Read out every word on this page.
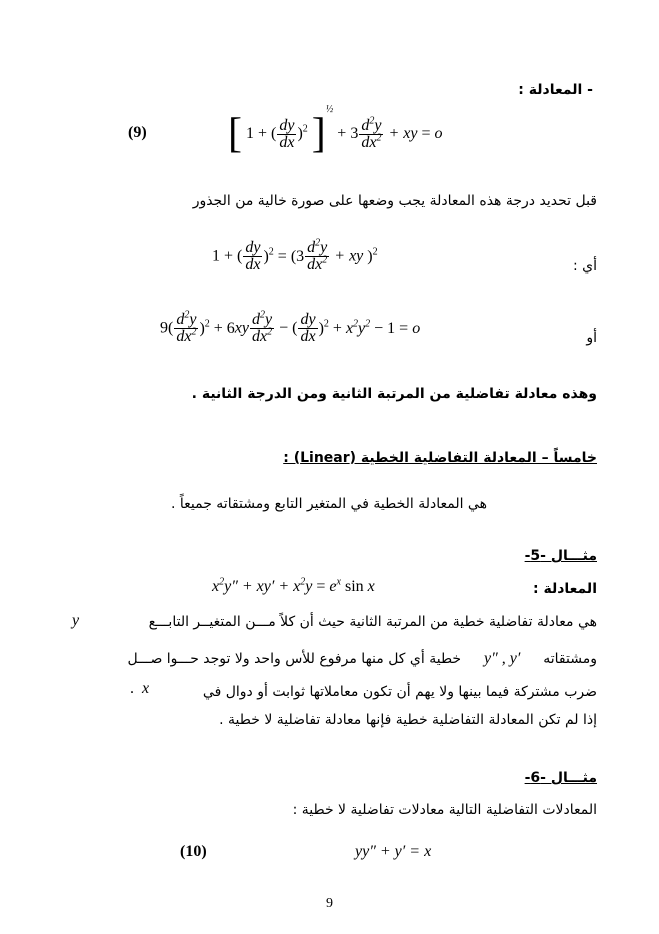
- المعادلة :
(9) [ 1 + ( $\frac{dy}{dx} )^2$ ]$^{\frac{1}{2}} + 3 \frac{d^2y}{dx^2}$ + xy = o
قبل تحديد درجة هذه المعادلة يجب وضعها على صورة خالية من الجذور
أي :
1 + ( $\frac{dy}{dx} )^2 = (3 \frac{d^2y}{dx^2}$ + xy )$^2$
أو
$9( \frac{d^2y}{dx^2} )^2 + 6xy \frac{d^2y}{dx^2}$ − ( $\frac{dy}{dx} )^2 + x^2y^2 - 1 = o$
وهذه معادلة تفاضلية من المرتبة الثانية ومن الدرجة الثانية .
خامساً – المعادلة التفاضلية الخطية (Linear) :
هي المعادلة الخطية في المتغير التابع ومشتقاته جميعاً .
مثـــال -5-
المعادلة :
$x^2y'' + xy' + x^2y = e^x$ sin x
هي معادلة تفاضلية خطية من المرتبة الثانية حيث أن كلاً مـــن المتغيــر التابـــع
y
ومشتقاته  y″ , y′  خطية أي كل منها مرفوع للأس واحد ولا توجد حـــوا صـــل
ضرب مشتركة فيما بينها ولا يهم أن تكون معاملاتها ثوابت أو دوال في
.  x
إذا لم تكن المعادلة التفاضلية خطية فإنها معادلة تفاضلية لا خطية .
مثـــال -6-
المعادلات التفاضلية التالية معادلات تفاضلية لا خطية :
(10)	yy″ + y′ = x
9
